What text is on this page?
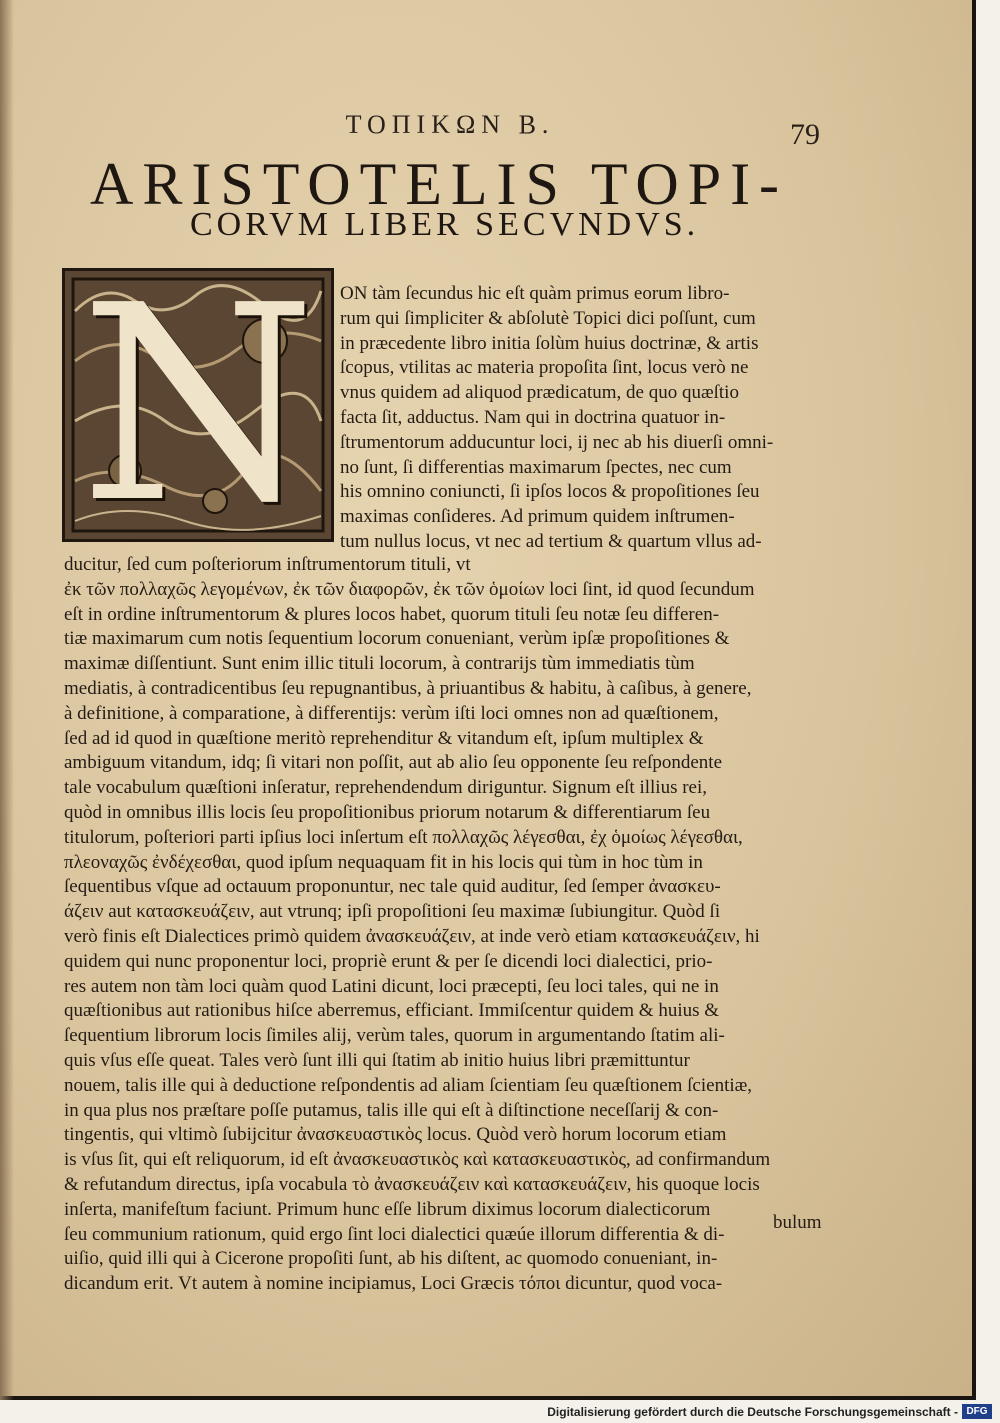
ΤΟΠΙΚΩΝ Β.	79
ARISTOTELIS TOPI-
CORVM LIBER SECVNDVS.
N	ON tàm ſecundus hic eſt quàm primus eorum libro-
rum qui ſimpliciter & abſolutè Topici dici poſſunt, cum
in præcedente libro initia ſolùm huius doctrinæ, & artis
ſcopus, vtilitas ac materia propoſita ſint, locus verò ne
vnus quidem ad aliquod prædicatum, de quo quæſtio
facta ſit, adductus. Nam qui in doctrina quatuor in-
ſtrumentorum adducuntur loci, ij nec ab his diuerſi omni-
no ſunt, ſi differentias maximarum ſpectes, nec cum
his omnino coniuncti, ſi ipſos locos & propoſitiones ſeu
maximas conſideres. Ad primum quidem inſtrumen-
tum nullus locus, vt nec ad tertium & quartum vllus ad-
ducitur, ſed cum poſteriorum inſtrumentorum tituli, vt
ἐκ τῶν πολλαχῶς λεγομένων, ἐκ τῶν διαφορῶν, ἐκ τῶν ὁμοίων loci ſint, id quod ſecundum
eſt in ordine inſtrumentorum & plures locos habet, quorum tituli ſeu notæ ſeu differen-
tiæ maximarum cum notis ſequentium locorum conueniant, verùm ipſæ propoſitiones &
maximæ diſſentiunt. Sunt enim illic tituli locorum, à contrarijs tùm immediatis tùm
mediatis, à contradicentibus ſeu repugnantibus, à priuantibus & habitu, à caſibus, à genere,
à definitione, à comparatione, à differentijs: verùm iſti loci omnes non ad quæſtionem,
ſed ad id quod in quæſtione meritò reprehenditur & vitandum eſt, ipſum multiplex &
ambiguum vitandum, idq; ſi vitari non poſſit, aut ab alio ſeu opponente ſeu reſpondente
tale vocabulum quæſtioni inſeratur, reprehendendum diriguntur. Signum eſt illius rei,
quòd in omnibus illis locis ſeu propoſitionibus priorum notarum & differentiarum ſeu
titulorum, poſteriori parti ipſius loci inſertum eſt πολλαχῶς λέγεσθαι, ἐχ ὁμοίως λέγεσθαι,
πλεοναχῶς ἐνδέχεσθαι, quod ipſum nequaquam fit in his locis qui tùm in hoc tùm in
ſequentibus vſque ad octauum proponuntur, nec tale quid auditur, ſed ſemper ἀνασκευ-
άζειν aut κατασκευάζειν, aut vtrunq; ipſi propoſitioni ſeu maximæ ſubiungitur. Quòd ſi
verò finis eſt Dialectices primò quidem ἀνασκευάζειν, at inde verò etiam κατασκευάζειν, hi
quidem qui nunc proponentur loci, propriè erunt & per ſe dicendi loci dialectici, prio-
res autem non tàm loci quàm quod Latini dicunt, loci præcepti, ſeu loci tales, qui ne in
quæſtionibus aut rationibus hiſce aberremus, efficiant. Immiſcentur quidem & huius &
ſequentium librorum locis ſimiles alij, verùm tales, quorum in argumentando ſtatim ali-
quis vſus eſſe queat. Tales verò ſunt illi qui ſtatim ab initio huius libri præmittuntur
nouem, talis ille qui à deductione reſpondentis ad aliam ſcientiam ſeu quæſtionem ſcientiæ,
in qua plus nos præſtare poſſe putamus, talis ille qui eſt à diſtinctione neceſſarij & con-
tingentis, qui vltimò ſubijcitur ἀνασκευαστικὸς locus. Quòd verò horum locorum etiam
is vſus ſit, qui eſt reliquorum, id eſt ἀνασκευαστικὸς καὶ κατασκευαστικὸς, ad confirmandum
& refutandum directus, ipſa vocabula τὸ ἀνασκευάζειν καὶ κατασκευάζειν, his quoque locis
inſerta, manifeſtum faciunt. Primum hunc eſſe librum diximus locorum dialecticorum
ſeu communium rationum, quid ergo ſint loci dialectici quæúe illorum differentia & di-
uiſio, quid illi qui à Cicerone propoſiti ſunt, ab his diſtent, ac quomodo conueniant, in-
dicandum erit. Vt autem à nomine incipiamus, Loci Græcis τόποι dicuntur, quod voca-
bulum
Digitalisierung gefördert durch die Deutsche Forschungsgemeinschaft - DFG
